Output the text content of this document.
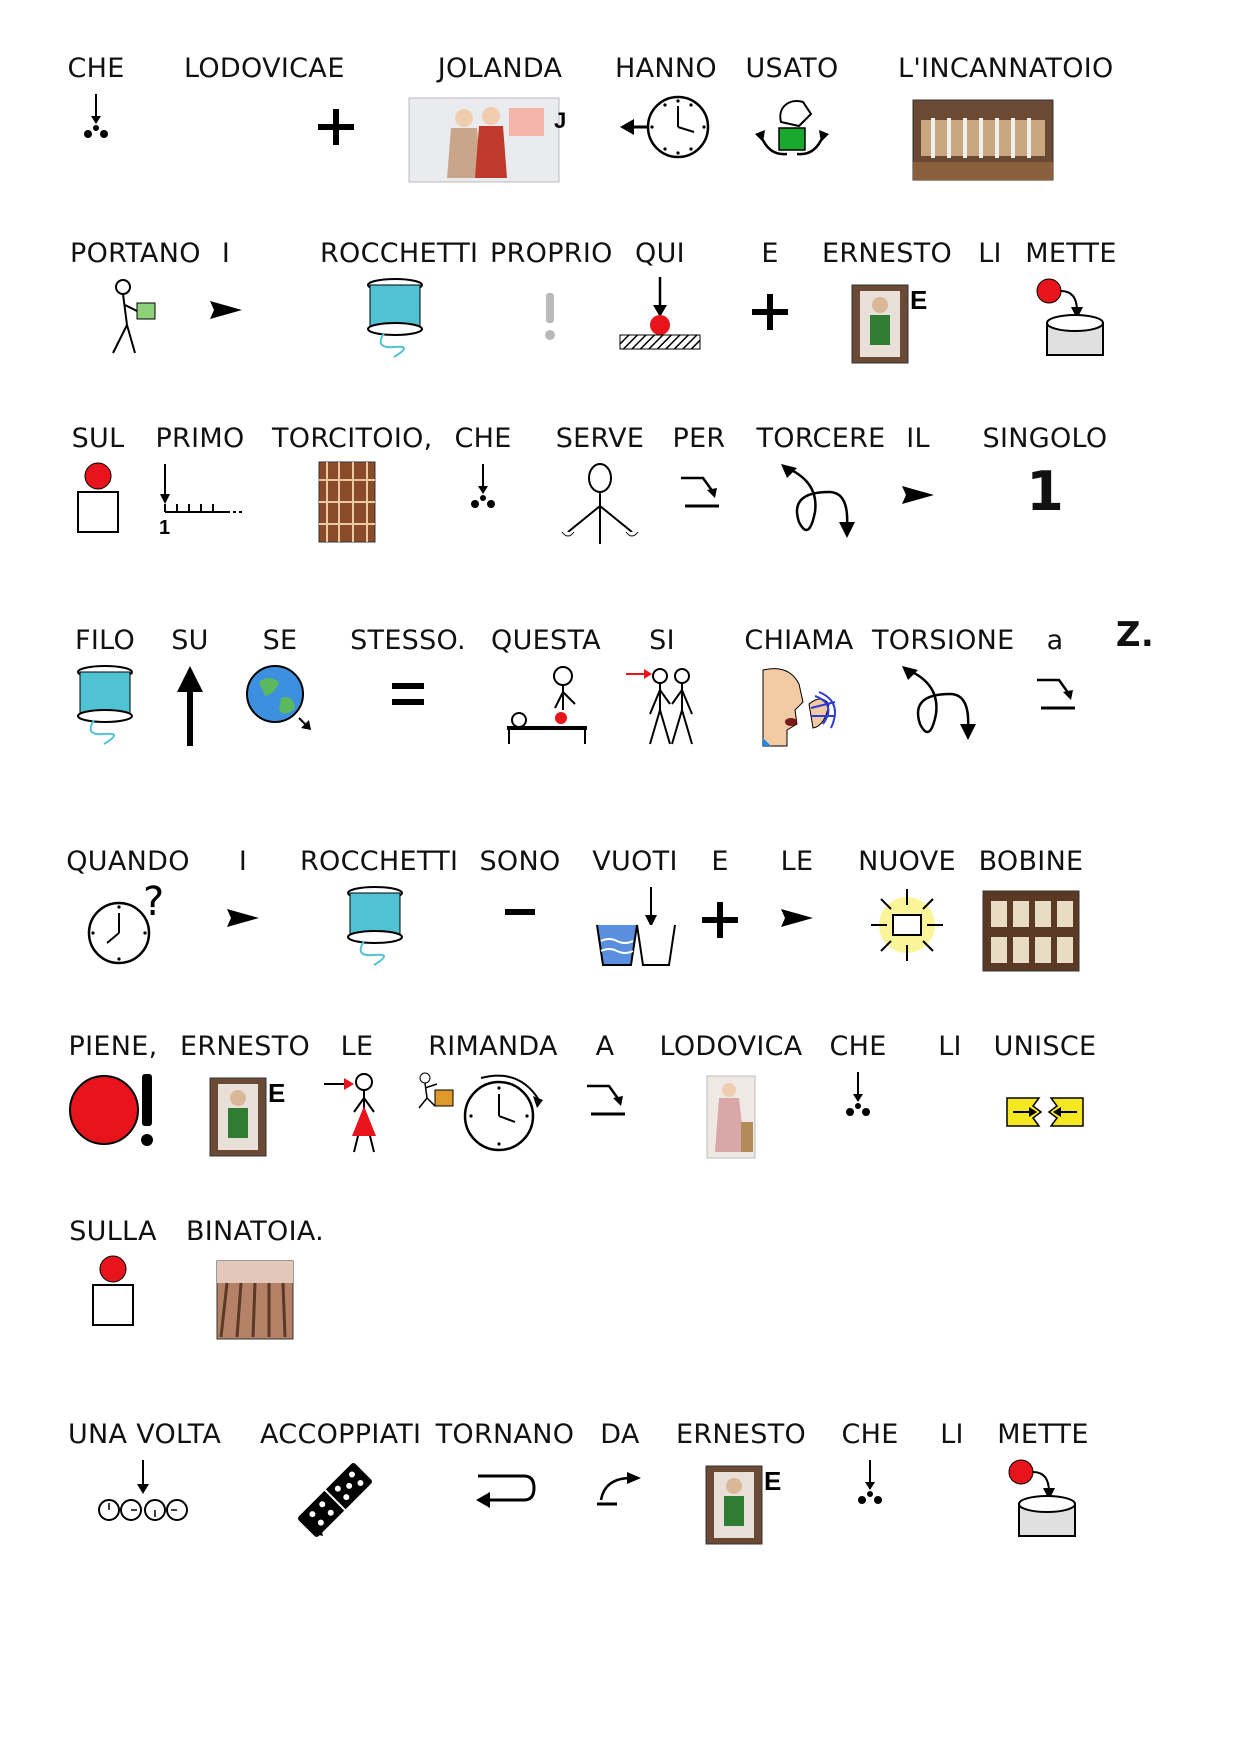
CHE	LODOVICA E	JOLANDA
J
HANNO	USATO	L'INCANNATOIO
PORTANO I	ROCCHETTI PROPRIO QUI	E	ERNESTO
E
LI METTE
SUL	PRIMO
1
TORCITOIO, CHE	SERVE	PER	TORCERE IL	SINGOLO
1
FILO	SU	SE	STESSO. QUESTA	SI	CHIAMA TORSIONE	a	Z.
QUANDO
?
I	ROCCHETTI SONO	VUOTI	E	LE	NUOVE BOBINE
PIENE, ERNESTO
E
LE	RIMANDA	A	LODOVICA CHE	LI	UNISCE
SULLA	BINATOIA.
UNA VOLTA ACCOPPIATI TORNANO DA	ERNESTO
E
CHE	LI	METTE
